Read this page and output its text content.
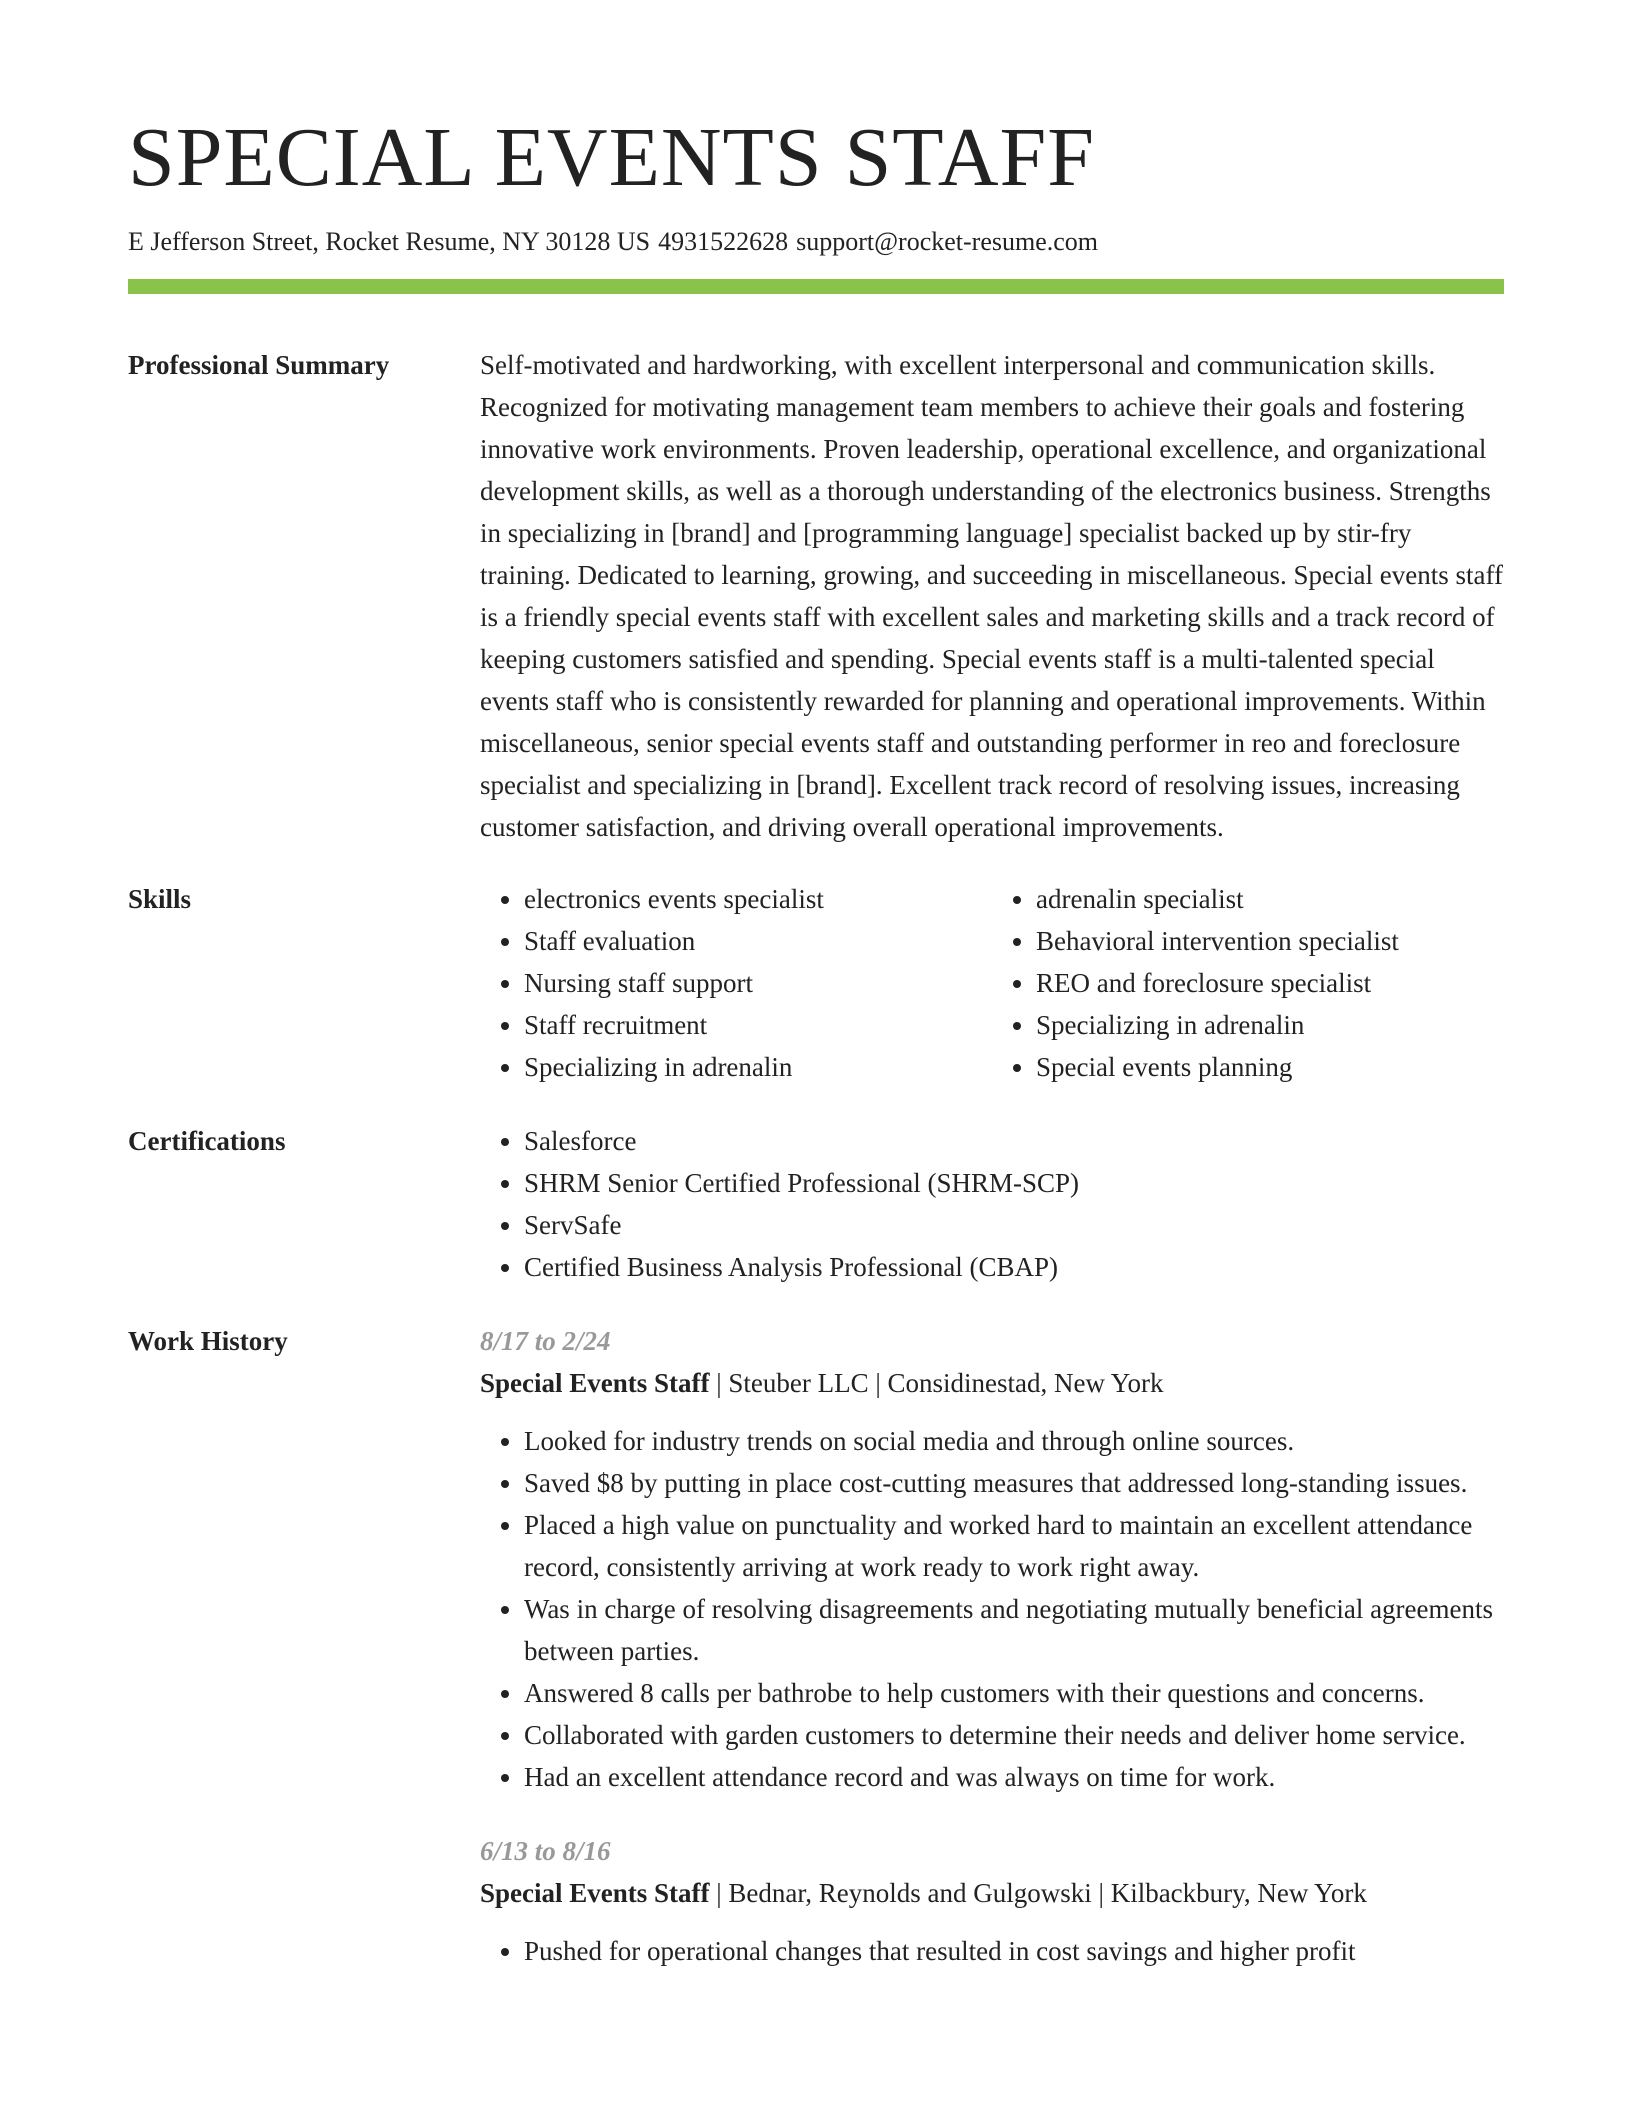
SPECIAL EVENTS STAFF
E Jefferson Street, Rocket Resume, NY 30128 US 4931522628 support@rocket-resume.com
Professional Summary	Self-motivated and hardworking, with excellent interpersonal and communication skills. Recognized for motivating management team members to achieve their goals and fostering innovative work environments. Proven leadership, operational excellence, and organizational development skills, as well as a thorough understanding of the electronics business. Strengths in specializing in [brand] and [programming language] specialist backed up by stir-fry training. Dedicated to learning, growing, and succeeding in miscellaneous. Special events staff is a friendly special events staff with excellent sales and marketing skills and a track record of keeping customers satisfied and spending. Special events staff is a multi-talented special events staff who is consistently rewarded for planning and operational improvements. Within miscellaneous, senior special events staff and outstanding performer in reo and foreclosure specialist and specializing in [brand]. Excellent track record of resolving issues, increasing customer satisfaction, and driving overall operational improvements.

Skills	• electronics events specialist
• Staff evaluation
• Nursing staff support
• Staff recruitment
• Specializing in adrenalin
• adrenalin specialist
• Behavioral intervention specialist
• REO and foreclosure specialist
• Specializing in adrenalin
• Special events planning
Certifications	• Salesforce
• SHRM Senior Certified Professional (SHRM-SCP)
• ServSafe
• Certified Business Analysis Professional (CBAP)
Work History	8/17 to 2/24
Special Events Staff | Steuber LLC | Considinestad, New York
• Looked for industry trends on social media and through online sources.
• Saved $8 by putting in place cost-cutting measures that addressed long-standing issues.
• Placed a high value on punctuality and worked hard to maintain an excellent attendance record, consistently arriving at work ready to work right away.
• Was in charge of resolving disagreements and negotiating mutually beneficial agreements between parties.
• Answered 8 calls per bathrobe to help customers with their questions and concerns.
• Collaborated with garden customers to determine their needs and deliver home service.
• Had an excellent attendance record and was always on time for work.
6/13 to 8/16
Special Events Staff | Bednar, Reynolds and Gulgowski | Kilbackbury, New York
• Pushed for operational changes that resulted in cost savings and higher profit
